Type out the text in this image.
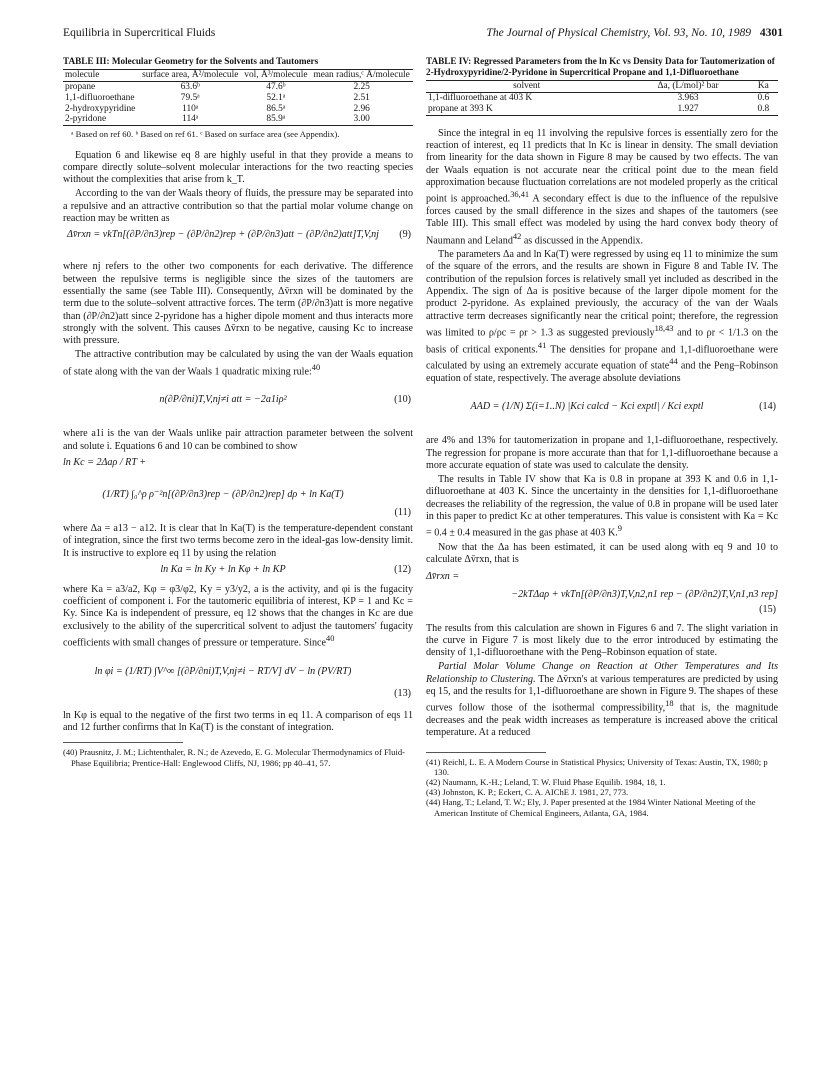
Equilibria in Supercritical Fluids	The Journal of Physical Chemistry, Vol. 93, No. 10, 1989 4301
TABLE III: Molecular Geometry for the Solvents and Tautomers
molecule	surface area, Å²/molecule	vol, Å³/molecule	mean radius,ᶜ Å/molecule
propane	63.6ᵇ	47.6ᵇ	2.25
1,1-difluoroethane	79.5ᵃ	52.1ᵃ	2.51
2-hydroxypyridine	110ᵃ	86.5ᵃ	2.96
2-pyridone	114ᵃ	85.9ᵃ	3.00
ᵃ Based on ref 60. ᵇ Based on ref 61. ᶜ Based on surface area (see Appendix).

Equation 6 and likewise eq 8 are highly useful in that they provide a means to compare directly solute–solvent molecular interactions for the two reacting species without the complexities that arise from k_T.

According to the van der Waals theory of fluids, the pressure may be separated into a repulsive and an attractive contribution so that the partial molar volume change on reaction may be written as

Δv̄rxn = vkTn[(∂P/∂n3)rep − (∂P/∂n2)rep + (∂P/∂n3)att − (∂P/∂n2)att]T,V,nj	(9)

where nj refers to the other two components for each derivative. The difference between the repulsive terms is negligible since the sizes of the tautomers are essentially the same (see Table III). Consequently, Δv̄rxn will be dominated by the term due to the solute–solvent attractive forces. The term (∂P/∂n3)att is more negative than (∂P/∂n2)att since 2-pyridone has a higher dipole moment and thus interacts more strongly with the solvent. This causes Δv̄rxn to be negative, causing Kc to increase with pressure.

The attractive contribution may be calculated by using the van der Waals equation of state along with the van der Waals 1 quadratic mixing rule:$^{40}$

n(∂P/∂ni)T,V,nj≠i att = −2a1iρ²	(10)

where a1i is the van der Waals unlike pair attraction parameter between the solvent and solute i. Equations 6 and 10 can be combined to show

ln Kc = 2Δaρ / RT +
(1/RT) ∫₀^ρ ρ⁻²n[(∂P/∂n3)rep − (∂P/∂n2)rep] dρ + ln Ka(T)
(11)

where Δa = a13 − a12. It is clear that ln Ka(T) is the temperature-dependent constant of integration, since the first two terms become zero in the ideal-gas low-density limit. It is instructive to explore eq 11 by using the relation

ln Ka = ln Ky + ln Kφ + ln KP	(12)

where Ka = a3/a2, Kφ = φ3/φ2, Ky = y3/y2, a is the activity, and φi is the fugacity coefficient of component i. For the tautomeric equilibria of interest, KP = 1 and Kc = Ky. Since Ka is independent of pressure, eq 12 shows that the changes in Kc are due exclusively to the ability of the supercritical solvent to adjust the tautomers' fugacity coefficients with small changes of pressure or temperature. Since$^{40}$

ln φi = (1/RT) ∫V^∞ [(∂P/∂ni)T,V,nj≠i − RT/V] dV − ln (PV/RT)
(13)

ln Kφ is equal to the negative of the first two terms in eq 11. A comparison of eqs 11 and 12 further confirms that ln Ka(T) is the constant of integration.

(40) Prausnitz, J. M.; Lichtenthaler, R. N.; de Azevedo, E. G. Molecular Thermodynamics of Fluid-Phase Equilibria; Prentice-Hall: Englewood Cliffs, NJ, 1986; pp 40–41, 57.

TABLE IV: Regressed Parameters from the ln Kc vs Density Data for Tautomerization of 2-Hydroxypyridine/2-Pyridone in Supercritical Propane and 1,1-Difluoroethane
solvent	Δa, (L/mol)² bar	Ka
1,1-difluoroethane at 403 K	3.963	0.6
propane at 393 K	1.927	0.8

Since the integral in eq 11 involving the repulsive forces is essentially zero for the reaction of interest, eq 11 predicts that ln Kc is linear in density. The small deviation from linearity for the data shown in Figure 8 may be caused by two effects. The van der Waals equation is not accurate near the critical point due to the mean field approximation because fluctuation correlations are not modeled properly as the critical point is approached.$^{36,41}$ A secondary effect is due to the influence of the repulsive forces caused by the small difference in the sizes and shapes of the tautomers (see Table III). This small effect was modeled by using the hard convex body theory of Naumann and Leland$^{42}$ as discussed in the Appendix.

The parameters Δa and ln Ka(T) were regressed by using eq 11 to minimize the sum of the square of the errors, and the results are shown in Figure 8 and Table IV. The contribution of the repulsion forces is relatively small yet included as described in the Appendix. The sign of Δa is positive because of the larger dipole moment for the product 2-pyridone. As explained previously, the accuracy of the van der Waals attractive term decreases significantly near the critical point; therefore, the regression was limited to ρ/ρc = ρr > 1.3 as suggested previously$^{18,43}$ and to ρr < 1/1.3 on the basis of critical exponents.$^{41}$ The densities for propane and 1,1-difluoroethane were calculated by using an extremely accurate equation of state$^{44}$ and the Peng–Robinson equation of state, respectively. The average absolute deviations

AAD = (1/N) Σ(i=1..N) |Kci calcd − Kci exptl| / Kci exptl	(14)

are 4% and 13% for tautomerization in propane and 1,1-difluoroethane, respectively. The regression for propane is more accurate than that for 1,1-difluoroethane because a more accurate equation of state was used to calculate the density.

The results in Table IV show that Ka is 0.8 in propane at 393 K and 0.6 in 1,1-difluoroethane at 403 K. Since the uncertainty in the densities for 1,1-difluoroethane decreases the reliability of the regression, the value of 0.8 in propane will be used later in this paper to predict Kc at other temperatures. This value is consistent with Ka = Kc = 0.4 ± 0.4 measured in the gas phase at 403 K.$^9$

Now that the Δa has been estimated, it can be used along with eq 9 and 10 to calculate Δv̄rxn, that is

Δv̄rxn =
−2kTΔaρ + vkTn[(∂P/∂n3)T,V,n2,n1 rep − (∂P/∂n2)T,V,n1,n3 rep]
(15)

The results from this calculation are shown in Figures 6 and 7. The slight variation in the curve in Figure 7 is most likely due to the error introduced by estimating the density of 1,1-difluoroethane with the Peng–Robinson equation of state.

Partial Molar Volume Change on Reaction at Other Temperatures and Its Relationship to Clustering. The Δv̄rxn's at various temperatures are predicted by using eq 15, and the results for 1,1-difluoroethane are shown in Figure 9. The shapes of these curves follow those of the isothermal compressibility,$^{18}$ that is, the magnitude decreases and the peak width increases as temperature is increased above the critical temperature. At a reduced

(41) Reichl, L. E. A Modern Course in Statistical Physics; University of Texas: Austin, TX, 1980; p 130.

(42) Naumann, K.-H.; Leland, T. W. Fluid Phase Equilib. 1984, 18, 1.

(43) Johnston, K. P.; Eckert, C. A. AIChE J. 1981, 27, 773.

(44) Hang, T.; Leland, T. W.; Ely, J. Paper presented at the 1984 Winter National Meeting of the American Institute of Chemical Engineers, Atlanta, GA, 1984.
